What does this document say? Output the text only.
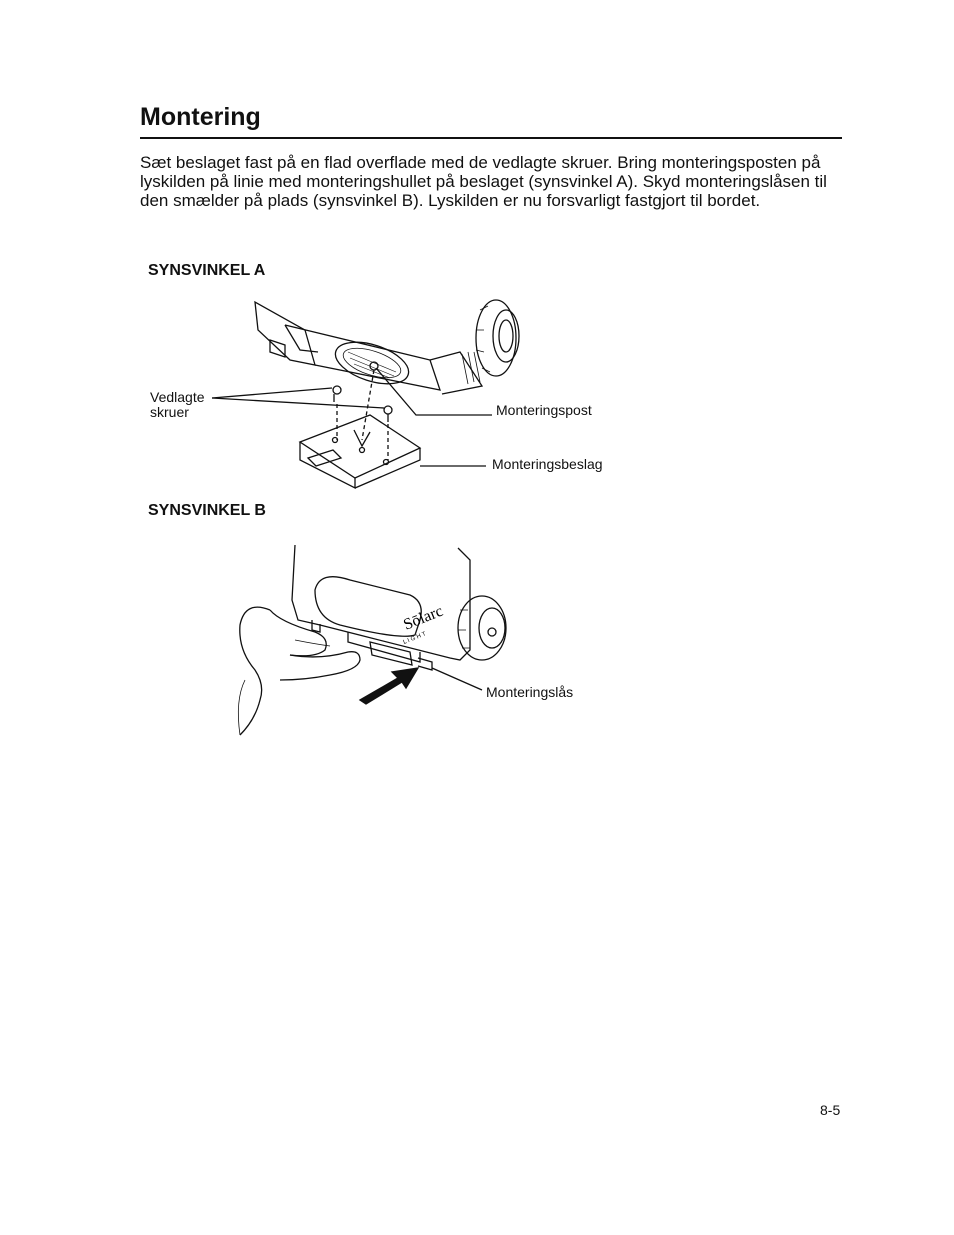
Montering

Sæt beslaget fast på en flad overflade med de vedlagte skruer. Bring monteringsposten på lyskilden på linie med monteringshullet på beslaget (synsvinkel A). Skyd monteringslåsen til den smælder på plads (synsvinkel B). Lyskilden er nu forsvarligt fastgjort til bordet.

SYNSVINKEL A
Vedlagte
skruer	Monteringspost
Monteringsbeslag
SYNSVINKEL B
Sōlarc
L I G H T
Monteringslås
8-5
